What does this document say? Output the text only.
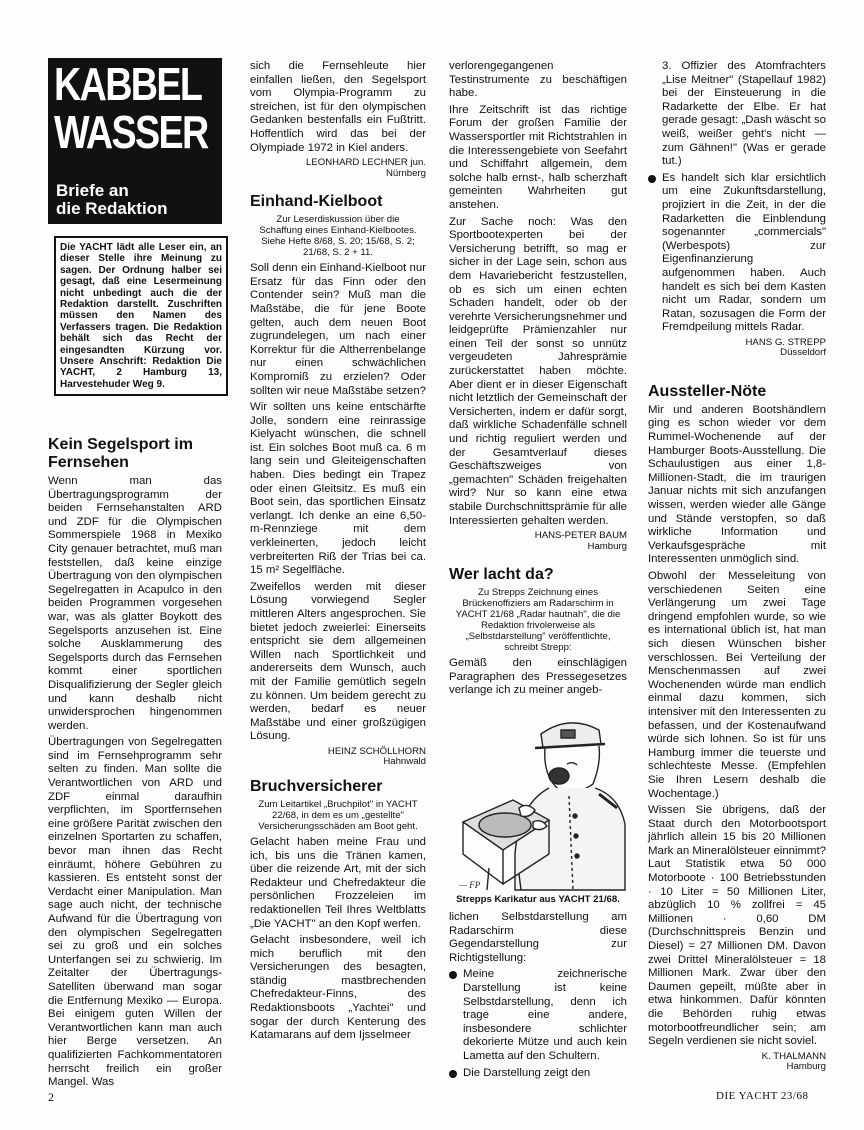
KABBEL
WASSER
Briefe an
die Redaktion
Die YACHT lädt alle Leser ein, an dieser Stelle ihre Meinung zu sagen. Der Ordnung halber sei gesagt, daß eine Lesermeinung nicht unbedingt auch die der Redaktion darstellt. Zuschriften müssen den Namen des Verfassers tragen. Die Redaktion behält sich das Recht der eingesandten Kürzung vor. Unsere Anschrift: Redaktion Die YACHT, 2 Hamburg 13, Harvestehuder Weg 9.
Kein Segelsport im Fernsehen

Wenn man das Übertragungsprogramm der beiden Fernsehanstalten ARD und ZDF für die Olympischen Sommerspiele 1968 in Mexiko City genauer betrachtet, muß man feststellen, daß keine einzige Übertragung von den olympischen Segelregatten in Acapulco in den beiden Programmen vorgesehen war, was als glatter Boykott des Segelsports anzusehen ist. Eine solche Ausklammerung des Segelsports durch das Fernsehen kommt einer sportlichen Disqualifizierung der Segler gleich und kann deshalb nicht unwidersprochen hingenommen werden.

Übertragungen von Segelregatten sind im Fernsehprogramm sehr selten zu finden. Man sollte die Verantwortlichen von ARD und ZDF einmal daraufhin verpflichten, im Sportfernsehen eine größere Parität zwischen den einzelnen Sportarten zu schaffen, bevor man ihnen das Recht einräumt, höhere Gebühren zu kassieren. Es entsteht sonst der Verdacht einer Manipulation. Man sage auch nicht, der technische Aufwand für die Übertragung von den olympischen Segelregatten sei zu groß und ein solches Unterfangen sei zu schwierig. Im Zeitalter der Übertragungs-Satelliten überwand man sogar die Entfernung Mexiko — Europa. Bei einigem guten Willen der Verantwortlichen kann man auch hier Berge versetzen. An qualifizierten Fachkommentatoren herrscht freilich ein großer Mangel. Was

sich die Fernsehleute hier einfallen ließen, den Segelsport vom Olympia-Programm zu streichen, ist für den olympischen Gedanken bestenfalls ein Fußtritt. Hoffentlich wird das bei der Olympiade 1972 in Kiel anders.

LEONHARD LECHNER jun.
Nürnberg
Einhand-Kielboot
Zur Leserdiskussion über die Schaffung eines Einhand-Kielbootes. Siehe Hefte 8/68, S. 20; 15/68, S. 2; 21/68, S. 2 + 11.

Soll denn ein Einhand-Kielboot nur Ersatz für das Finn oder den Contender sein? Muß man die Maßstäbe, die für jene Boote gelten, auch dem neuen Boot zugrundelegen, um nach einer Korrektur für die Altherrenbelange nur einen schwächlichen Kompromiß zu erzielen? Oder sollten wir neue Maßstäbe setzen?

Wir sollten uns keine entschärfte Jolle, sondern eine reinrassige Kielyacht wünschen, die schnell ist. Ein solches Boot muß ca. 6 m lang sein und Gleiteigenschaften haben. Dies bedingt ein Trapez oder einen Gleitsitz. Es muß ein Boot sein, das sportlichen Einsatz verlangt. Ich denke an eine 6,50-m-Rennziege mit dem verkleinerten, jedoch leicht verbreiterten Riß der Trias bei ca. 15 m² Segelfläche.

Zweifellos werden mit dieser Lösung vorwiegend Segler mittleren Alters angesprochen. Sie bietet jedoch zweierlei: Einerseits entspricht sie dem allgemeinen Willen nach Sportlichkeit und andererseits dem Wunsch, auch mit der Familie gemütlich segeln zu können. Um beidem gerecht zu werden, bedarf es neuer Maßstäbe und einer großzügigen Lösung.

HEINZ SCHÖLLHORN
Hahnwald
Bruchversicherer
Zum Leitartikel „Bruchpilot" in YACHT 22/68, in dem es um „gestellte" Versicherungsschäden am Boot geht.

Gelacht haben meine Frau und ich, bis uns die Tränen kamen, über die reizende Art, mit der sich Redakteur und Chefredakteur die persönlichen Frozzeleien im redaktionellen Teil Ihres Weltblatts „Die YACHT" an den Kopf werfen.

Gelacht insbesondere, weil ich mich beruflich mit den Versicherungen des besagten, ständig mastbrechenden Chefredakteur-Finns, des Redaktionsboots „Yachtei" und sogar der durch Kenterung des Katamarans auf dem Ijsselmeer

verlorengegangenen Testinstrumente zu beschäftigen habe.

Ihre Zeitschrift ist das richtige Forum der großen Familie der Wassersportler mit Richtstrahlen in die Interessengebiete von Seefahrt und Schiffahrt allgemein, dem solche halb ernst-, halb scherzhaft gemeinten Wahrheiten gut anstehen.

Zur Sache noch: Was den Sportbootexperten bei der Versicherung betrifft, so mag er sicher in der Lage sein, schon aus dem Havariebericht festzustellen, ob es sich um einen echten Schaden handelt, oder ob der verehrte Versicherungsnehmer und leidgeprüfte Prämienzahler nur einen Teil der sonst so unnütz vergeudeten Jahresprämie zurückerstattet haben möchte. Aber dient er in dieser Eigenschaft nicht letztlich der Gemeinschaft der Versicherten, indem er dafür sorgt, daß wirkliche Schadenfälle schnell und richtig reguliert werden und der Gesamtverlauf dieses Geschäftszweiges von „gemachten" Schäden freigehalten wird? Nur so kann eine etwa stabile Durchschnittsprämie für alle Interessierten gehalten werden.

HANS-PETER BAUM
Hamburg
Wer lacht da?
Zu Strepps Zeichnung eines Brückenoffiziers am Radarschirm in YACHT 21/68 „Radar hautnah", die die Redaktion frivolerweise als „Selbstdarstellung" veröffentlichte, schreibt Strepp:

Gemäß den einschlägigen Paragraphen des Pressegesetzes verlange ich zu meiner angeb-

— FP
Strepps Karikatur aus YACHT 21/68.

lichen Selbstdarstellung am Radarschirm diese Gegendarstellung zur Richtigstellung:

Meine zeichnerische Darstellung ist keine Selbstdarstellung, denn ich trage eine andere, insbesondere schlichter dekorierte Mütze und auch kein Lametta auf den Schultern.

Die Darstellung zeigt den

3. Offizier des Atomfrachters „Lise Meitner" (Stapellauf 1982) bei der Einsteuerung in die Radarkette der Elbe. Er hat gerade gesagt: „Dash wäscht so weiß, weißer geht's nicht — zum Gähnen!" (Was er gerade tut.)

Es handelt sich klar ersichtlich um eine Zukunftsdarstellung, projiziert in die Zeit, in der die Radarketten die Einblendung sogenannter „commercials" (Werbespots) zur Eigenfinanzierung aufgenommen haben. Auch handelt es sich bei dem Kasten nicht um Radar, sondern um Ratan, sozusagen die Form der Fremdpeilung mittels Radar.

HANS G. STREPP
Düsseldorf
Aussteller-Nöte

Mir und anderen Bootshändlern ging es schon wieder vor dem Rummel-Wochenende auf der Hamburger Boots-Ausstellung. Die Schaulustigen aus einer 1,8-Millionen-Stadt, die im traurigen Januar nichts mit sich anzufangen wissen, werden wieder alle Gänge und Stände verstopfen, so daß wirkliche Information und Verkaufsgespräche mit Interessenten unmöglich sind.

Obwohl der Messeleitung von verschiedenen Seiten eine Verlängerung um zwei Tage dringend empfohlen wurde, so wie es international üblich ist, hat man sich diesen Wünschen bisher verschlossen. Bei Verteilung der Menschenmassen auf zwei Wochenenden würde man endlich einmal dazu kommen, sich intensiver mit den Interessenten zu befassen, und der Kostenaufwand würde sich lohnen. So ist für uns Hamburg immer die teuerste und schlechteste Messe. (Empfehlen Sie Ihren Lesern deshalb die Wochentage.)

Wissen Sie übrigens, daß der Staat durch den Motorbootsport jährlich allein 15 bis 20 Millionen Mark an Mineralölsteuer einnimmt? Laut Statistik etwa 50 000 Motorboote · 100 Betriebsstunden · 10 Liter = 50 Millionen Liter, abzüglich 10 % zollfrei = 45 Millionen · 0,60 DM (Durchschnittspreis Benzin und Diesel) = 27 Millionen DM. Davon zwei Drittel Mineralölsteuer = 18 Millionen Mark. Zwar über den Daumen gepeilt, müßte aber in etwa hinkommen. Dafür könnten die Behörden ruhig etwas motorbootfreundlicher sein; am Segeln verdienen sie nicht soviel.

K. THALMANN
Hamburg
2	DIE YACHT 23/68
